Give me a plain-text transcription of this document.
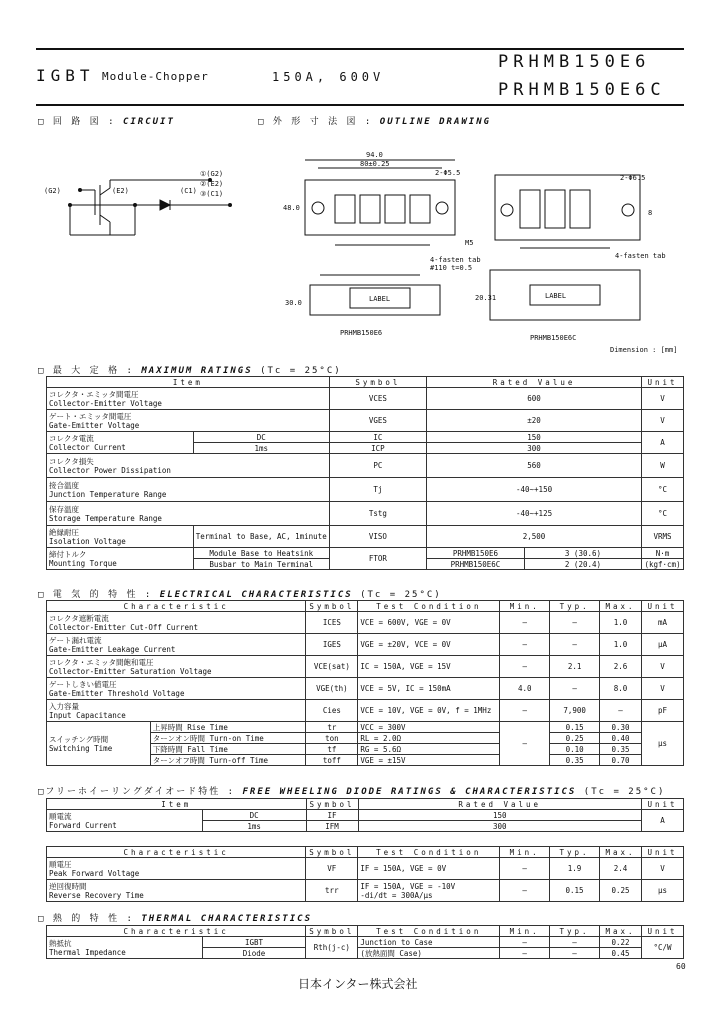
IGBT Module-Chopper	150A, 600V
PRHMB150E6
PRHMB150E6C
□ 回 路 図 : CIRCUIT	□ 外 形 寸 法 図 : OUTLINE DRAWING
(G2)	(E2)	(C1)
①(G2)
②(E2)
③(C1)
94.0
80±0.25
48.0
2-Φ5.5
LABEL
4-fasten tab
#110 t=0.5
PRHMB150E6
2-Φ6.5
LABEL
4-fasten tab
PRHMB150E6C
30.0
20.31
M5
8
Dimension : [mm]
□ 最 大 定 格 : MAXIMUM RATINGS (Tc = 25°C)
Item		Symbol	Rated Value		Unit

コレクタ・エミッタ間電圧
Collector-Emitter Voltage		VCES	600		V

ゲート・エミッタ間電圧
Gate-Emitter Voltage		VGES	±20		V

コレクタ電流
Collector Current	DC	IC	150		A
	1ms	ICP	300		

コレクタ損失
Collector Power Dissipation		PC	560		W

接合温度
Junction Temperature Range		Tj	-40~+150		°C

保存温度
Storage Temperature Range		Tstg	-40~+125		°C

絶縁耐圧
Isolation Voltage	Terminal to Base, AC, 1minute	VISO	2,500		VRMS

締付トルク
Mounting Torque	Module Base to Heatsink	FTOR	PRHMB150E6	3 (30.6)	N·m
	Busbar to Main Terminal		PRHMB150E6C	2 (20.4)	(kgf·cm)
□ 電 気 的 特 性 : ELECTRICAL CHARACTERISTICS (Tc = 25°C)
Characteristic		Symbol	Test Condition	Min.	Typ.	Max.	Unit

コレクタ遮断電流
Collector-Emitter Cut-Off Current		ICES	VCE = 600V, VGE = 0V	—	—	1.0	mA

ゲート漏れ電流
Gate-Emitter Leakage Current		IGES	VGE = ±20V, VCE = 0V	—	—	1.0	μA

コレクタ・エミッタ間飽和電圧
Collector-Emitter Saturation Voltage		VCE(sat)	IC = 150A, VGE = 15V	—	2.1	2.6	V

ゲートしきい値電圧
Gate-Emitter Threshold Voltage		VGE(th)	VCE = 5V, IC = 150mA	4.0	—	8.0	V

入力容量
Input Capacitance		Cies	VCE = 10V, VGE = 0V, f = 1MHz	—	7,900	—	pF

スイッチング時間
Switching Time	上昇時間 Rise Time	tr	VCC = 300V	—	0.15	0.30	μs
	ターンオン時間 Turn-on Time	ton	RL = 2.0Ω		0.25	0.40	
	下降時間 Fall Time	tf	RG = 5.6Ω		0.10	0.35	
	ターンオフ時間 Turn-off Time	toff	VGE = ±15V		0.35	0.70	
□フリーホイーリングダイオード特性 : FREE WHEELING DIODE RATINGS & CHARACTERISTICS (Tc = 25°C)
Item		Symbol	Rated Value	Unit

順電流
Forward Current	DC	IF	150	A
	1ms	IFM	300	
Characteristic	Symbol	Test Condition	Min.	Typ.	Max.	Unit

順電圧
Peak Forward Voltage	VF	IF = 150A, VGE = 0V	—	1.9	2.4	V

逆回復時間
Reverse Recovery Time	trr	IF = 150A, VGE = -10V
-di/dt = 300A/μs	—	0.15	0.25	μs
□ 熱 的 特 性 : THERMAL CHARACTERISTICS
Characteristic		Symbol	Test Condition	Min.	Typ.	Max.	Unit

熱抵抗
Thermal Impedance	IGBT	Rth(j-c)	Junction to Case	—	—	0.22	°C/W
	Diode		(放熱面間 Case)	—	—	0.45	
60
日本インター株式会社
